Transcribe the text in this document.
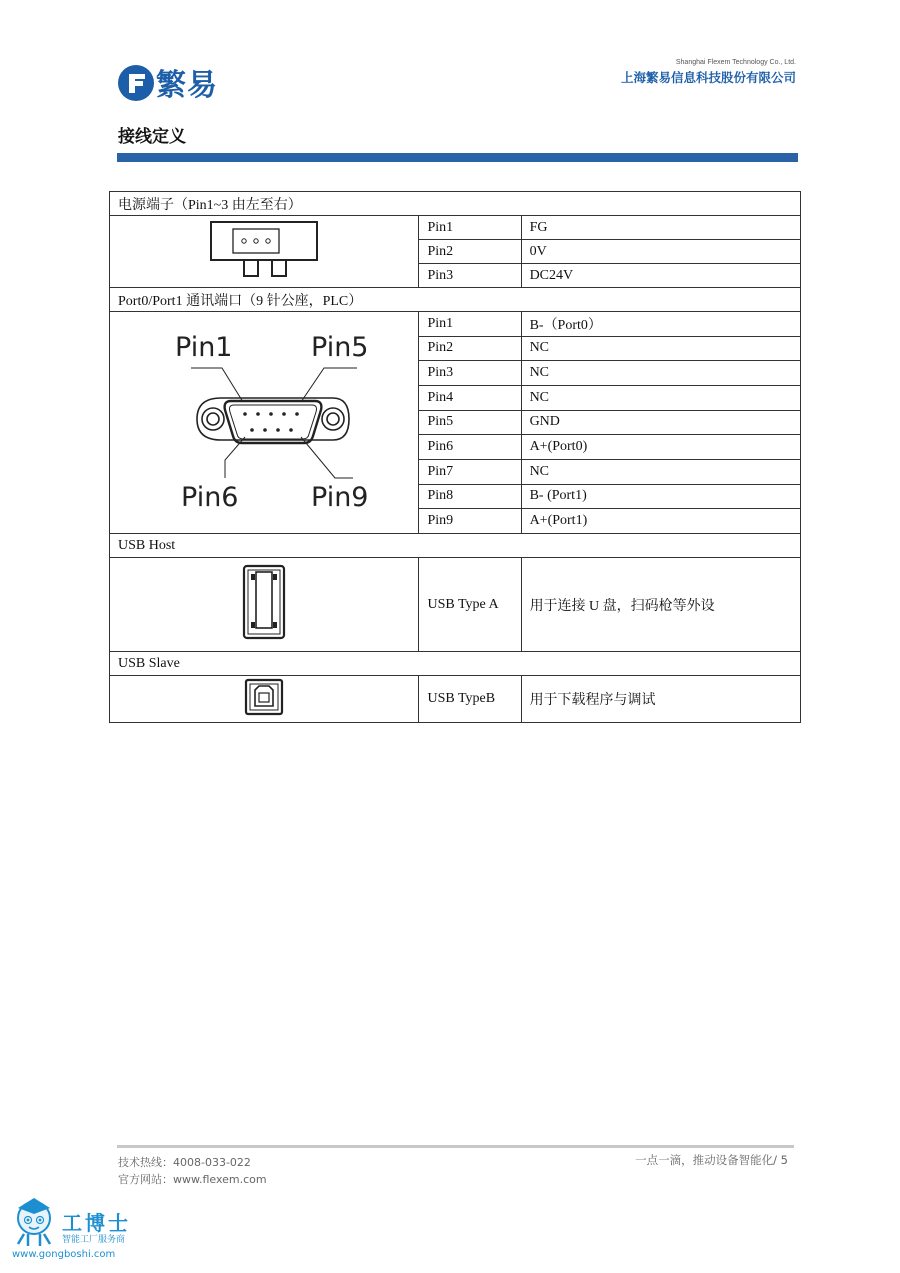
繁易
Shanghai Flexem Technology Co., Ltd.
上海繁易信息科技股份有限公司
接线定义
电源端子（Pin1~3 由左至右）		
	Pin1	FG
	Pin2	0V
	Pin3	DC24V
Port0/Port1 通讯端口（9 针公座，PLC）		

Pin1 Pin5
Pin6 Pin9	Pin1	B-（Port0）
	Pin2	NC
	Pin3	NC
	Pin4	NC
	Pin5	GND
	Pin6	A+(Port0)
	Pin7	NC
	Pin8	B- (Port1)
	Pin9	A+(Port1)
USB Host		
	USB Type A	用于连接 U 盘，扫码枪等外设
USB Slave		
	USB TypeB	用于下载程序与调试
技术热线：4008-033-022
官方网站：www.flexem.com
一点一滴，推动设备智能化/ 5
工博士
智能工厂服务商
www.gongboshi.com
